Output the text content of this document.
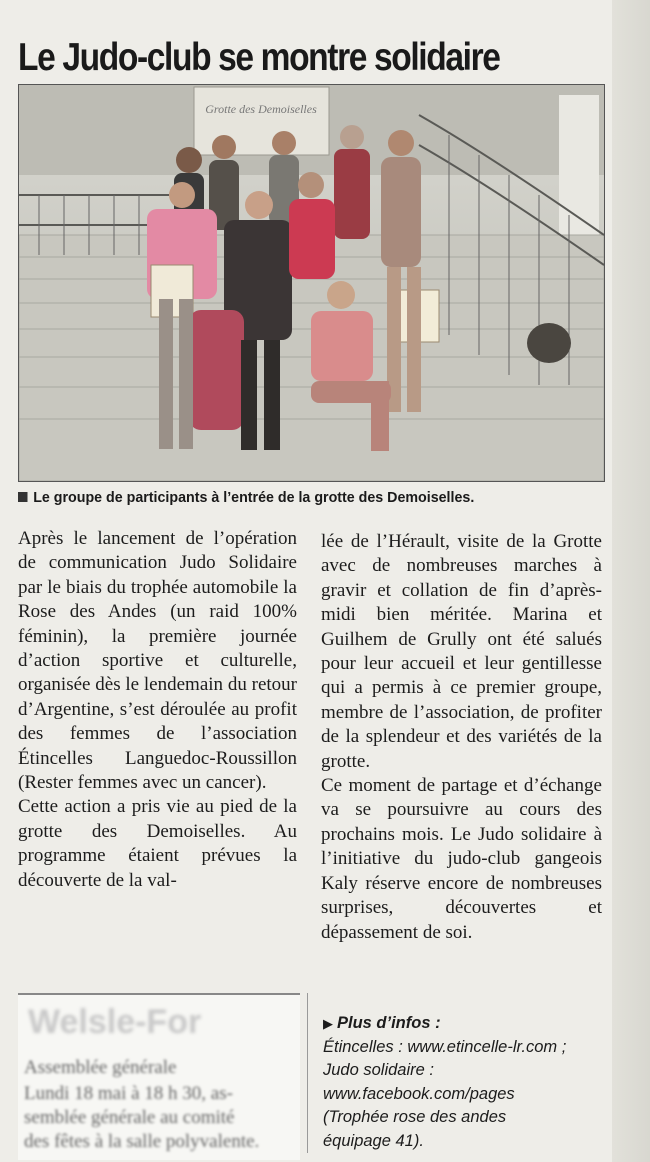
Le Judo-club se montre solidaire
Grotte des Demoiselles
Le groupe de participants à l’entrée de la grotte des Demoiselles.

Après le lancement de l’opération de communication Judo Solidaire par le biais du trophée automobile la Rose des Andes (un raid 100% féminin), la première journée d’action sportive et culturelle, organisée dès le lendemain du retour d’Argentine, s’est déroulée au profit des femmes de l’association Étincelles Languedoc-Roussillon (Rester femmes avec un cancer).

Cette action a pris vie au pied de la grotte des Demoiselles. Au programme étaient prévues la découverte de la val-

lée de l’Hérault, visite de la Grotte avec de nombreuses marches à gravir et collation de fin d’après-midi bien méritée. Marina et Guilhem de Grully ont été salués pour leur accueil et leur gentillesse qui a permis à ce premier groupe, membre de l’association, de profiter de la splendeur et des variétés de la grotte.

Ce moment de partage et d’échange va se poursuivre au cours des prochains mois. Le Judo solidaire à l’initiative du judo-club gangeois Kaly réserve encore de nombreuses surprises, découvertes et dépassement de soi.

▶ Plus d’infos :
Étincelles : www.etincelle-lr.com ;
Judo solidaire :
www.facebook.com/pages
(Trophée rose des andes
équipage 41).
Welsle-For
Assemblée générale
Lundi 18 mai à 18 h 30, as-
semblée générale au comité
des fêtes à la salle polyvalente.
